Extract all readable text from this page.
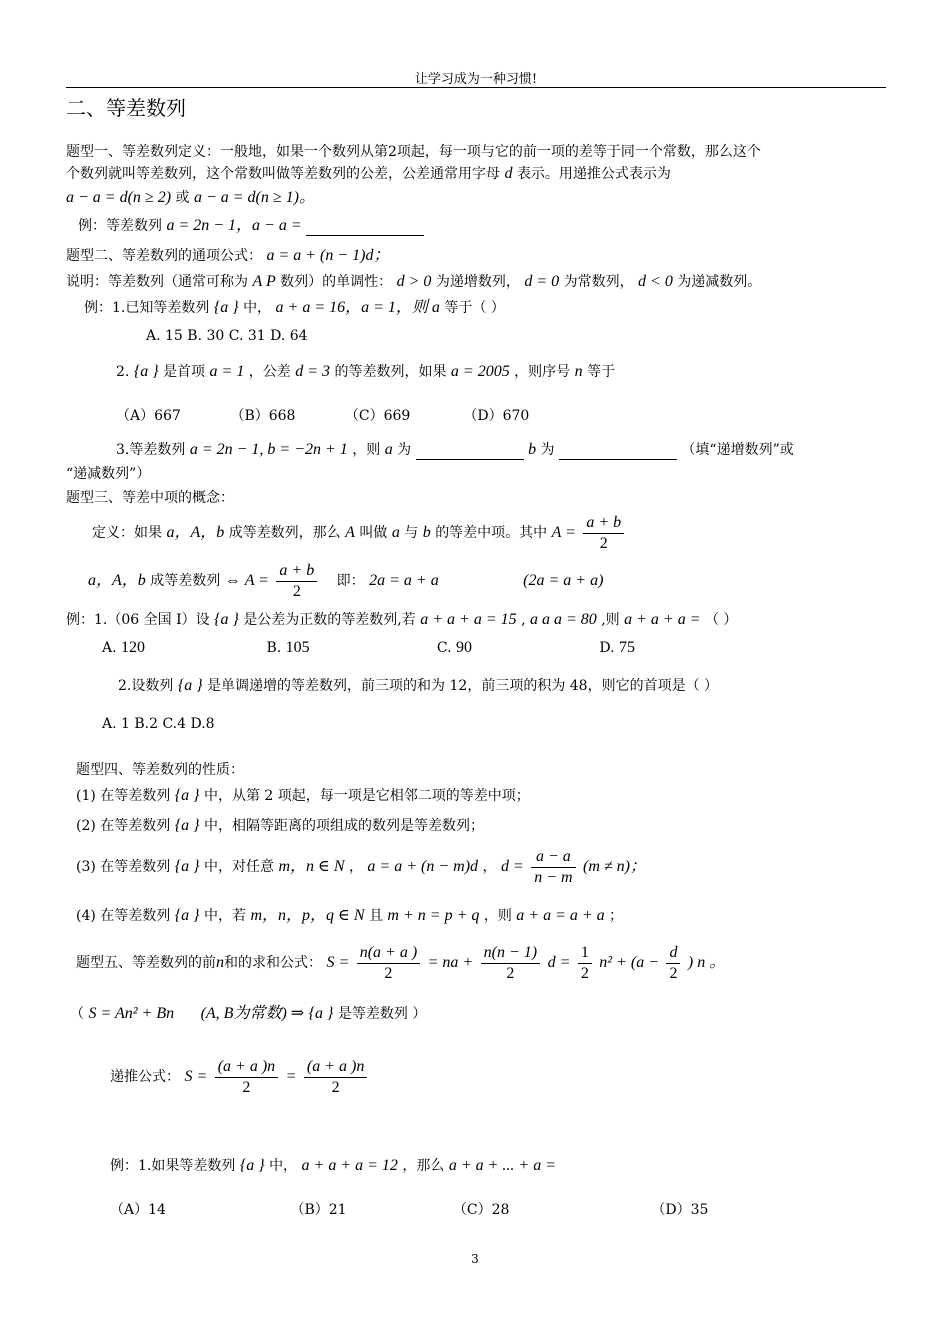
让学习成为一种习惯!
二、等差数列
题型一、等差数列定义：一般地，如果一个数列从第2项起，每一项与它的前一项的差等于同一个常数，那么这个
个数列就叫等差数列，这个常数叫做等差数列的公差，公差通常用字母 d 表示。用递推公式表示为
a − a = d(n ≥ 2) 或 a − a = d(n ≥ 1)。
例：等差数列 a = 2n − 1，a − a =
题型二、等差数列的通项公式： a = a + (n − 1)d；
说明：等差数列（通常可称为 A P 数列）的单调性： d > 0 为递增数列， d = 0 为常数列， d < 0 为递减数列。
例：1.已知等差数列 {a } 中， a + a = 16，a = 1，则 a 等于（ ）
A. 15 B. 30 C. 31 D. 64
2. {a } 是首项 a = 1 ，公差 d = 3 的等差数列，如果 a = 2005 ，则序号 n 等于
（A）667	（B）668	（C）669	（D）670
3.等差数列 a = 2n − 1, b = −2n + 1 ，则 a 为	b 为	（填“递增数列”或
“递减数列”）
题型三、等差中项的概念：
定义：如果 a，A，b 成等差数列，那么 A 叫做 a 与 b 的等差中项。其中 $A = \frac{a + b}{2}$
a，A，b 成等差数列 ⇔ $A = \frac{a + b}{2}$ 即： 2a = a + a	(2a = a + a)
例：1.（06 全国 I）设 {a } 是公差为正数的等差数列,若 a + a + a = 15 , a a a = 80 ,则 a + a + a = （ ）
A. 120	B. 105	C. 90	D. 75
2.设数列 {a } 是单调递增的等差数列，前三项的和为 12，前三项的积为 48，则它的首项是（ ）
A. 1 B.2 C.4 D.8
题型四、等差数列的性质：
(1) 在等差数列 {a } 中，从第 2 项起，每一项是它相邻二项的等差中项；
(2) 在等差数列 {a } 中，相隔等距离的项组成的数列是等差数列；
(3) 在等差数列 {a } 中，对任意 m，n ∈ N ， a = a + (n − m)d ， $d = \frac{a - a}{n - m} (m \ne n)$；
(4) 在等差数列 {a } 中，若 m，n，p，q ∈ N 且 m + n = p + q ，则 a + a = a + a ；
题型五、等差数列的前n和的求和公式： $S = \frac{n(a + a )}{2}$ = na + $\frac{n(n - 1)}{2}$ $d = \frac{1}{2} n^2 + (a - \frac{d}{2}$ ) n 。
（ S = An² + Bn (A, B为常数) ⇒ {a } 是等差数列 ）
递推公式： $S = \frac{(a + a )n}{2} = \frac{(a + a )n}{2}$
例：1.如果等差数列 {a } 中， a + a + a = 12 ，那么 a + a + ... + a =
（A）14	（B）21	（C）28	（D）35
3
